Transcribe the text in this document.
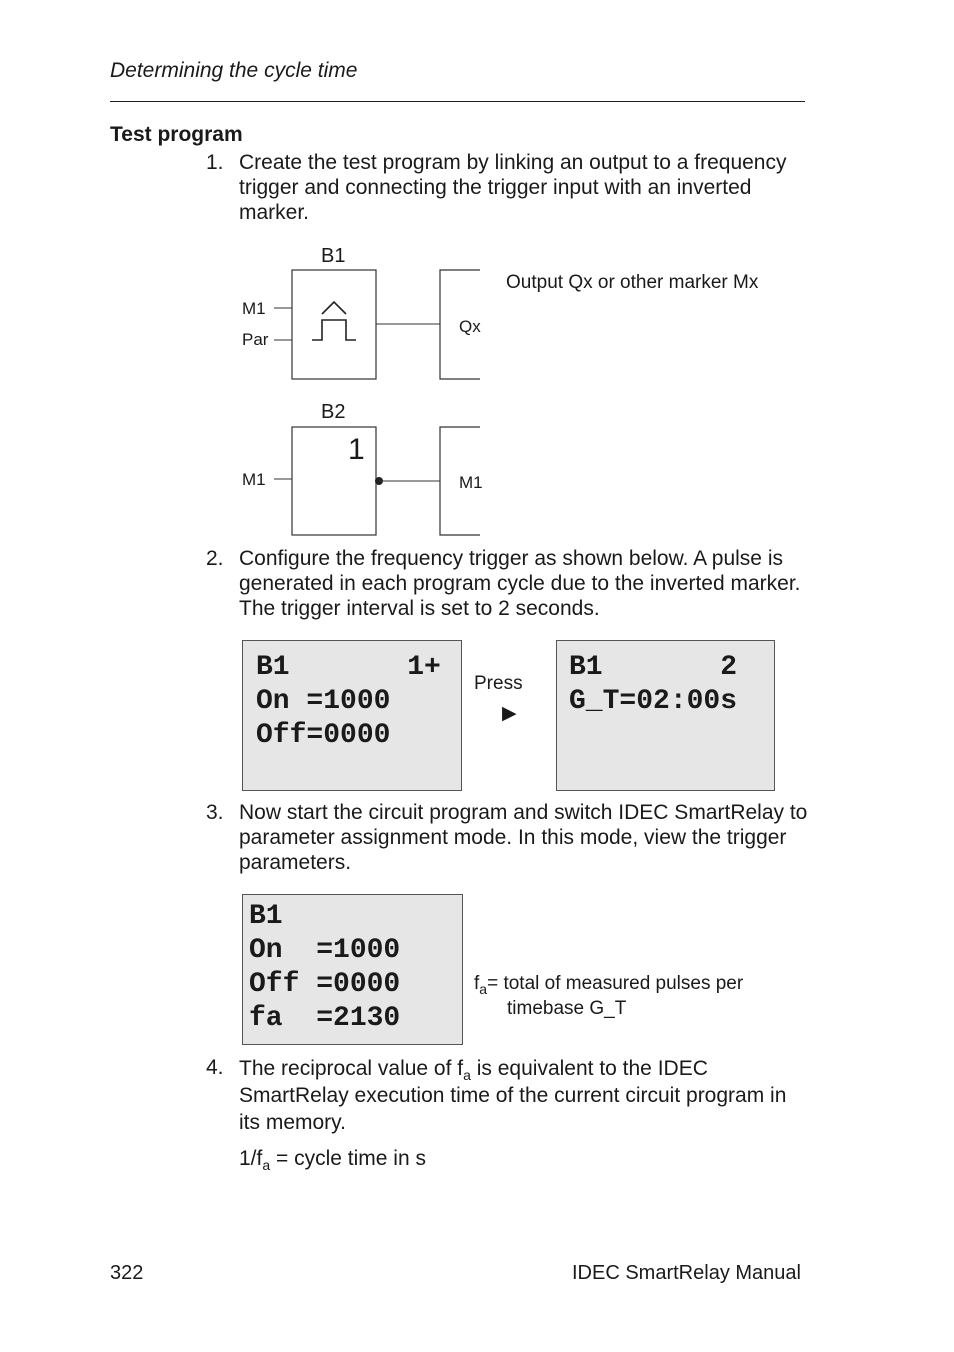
Determining the cycle time
Test program
1. Create the test program by linking an output to a frequency trigger and connecting the trigger input with an inverted marker.
B1
M1
Par
Qx
Output Qx or other marker Mx
B2
1
M1	M1
2. Configure the frequency trigger as shown below. A pulse is generated in each program cycle due to the inverted marker. The trigger interval is set to 2 seconds.
B1       1+
On =1000
Off=0000
Press
▶
B1       2
G_T=02:00s
3. Now start the circuit program and switch IDEC SmartRelay to parameter assignment mode. In this mode, view the trigger parameters.
B1
On  =1000
Off =0000
fa  =2130
$f_a=$ total of measured pulses per
timebase G_T
4. The reciprocal value of $f_a$ is equivalent to the IDEC SmartRelay execution time of the current circuit program in its memory.
$1/f_a$ = cycle time in s
322	IDEC SmartRelay Manual
